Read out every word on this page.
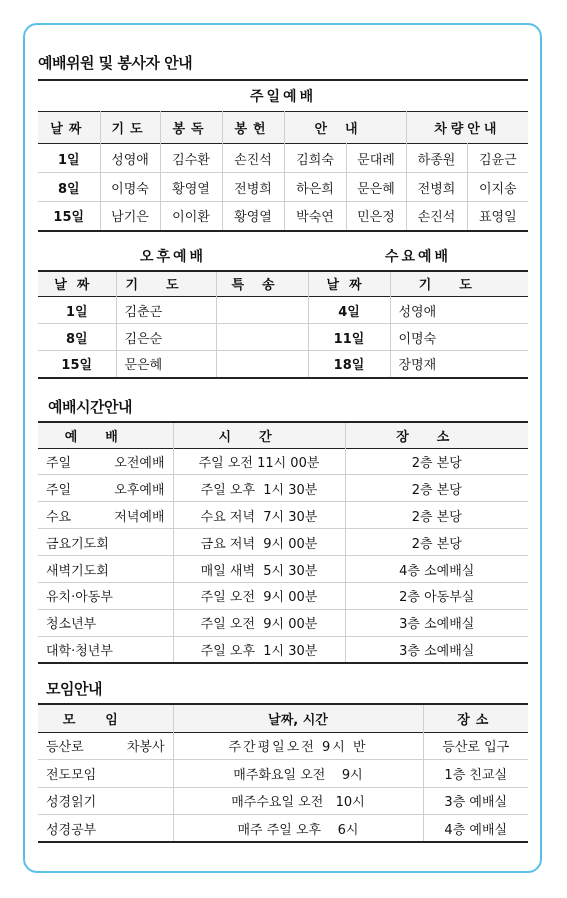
예배위원 및 봉사자 안내
주일예배							
날짜	기도	봉독	봉헌	안내		차량안내	
1일	성영애	김수환	손진석	김희숙	문대례	하종원	김윤근
8일	이명숙	황영열	전병희	하은희	문은혜	전병희	이지송
15일	남기은	이이환	황영열	박숙연	민은정	손진석	표영일
오후예배	수요예배
날짜	기도	특송	날짜	기도
1일	김춘곤		4일	성영애
8일	김은순		11일	이명숙
15일	문은혜		18일	장명재
예배시간안내
예배	시간	장소
주일 오전예배	주일 오전 11시 00분	2층 본당
주일 오후예배	주일 오후  1시 30분	2층 본당
수요 저녁예배	수요 저녁  7시 30분	2층 본당
금요기도회	금요 저녁  9시 00분	2층 본당
새벽기도회	매일 새벽  5시 30분	4층 소예배실
유치·아동부	주일 오전  9시 00분	2층 아동부실
청소년부	주일 오전  9시 00분	3층 소예배실
대학·청년부	주일 오후  1시 30분	3층 소예배실
모임안내
모임	날짜, 시간	장소
등산로 차봉사	주간평일오전 9시 반	등산로 입구
전도모임	매주화요일 오전    9시	1층 친교실
성경읽기	매주수요일 오전   10시	3층 예배실
성경공부	매주 주일 오후    6시	4층 예배실
